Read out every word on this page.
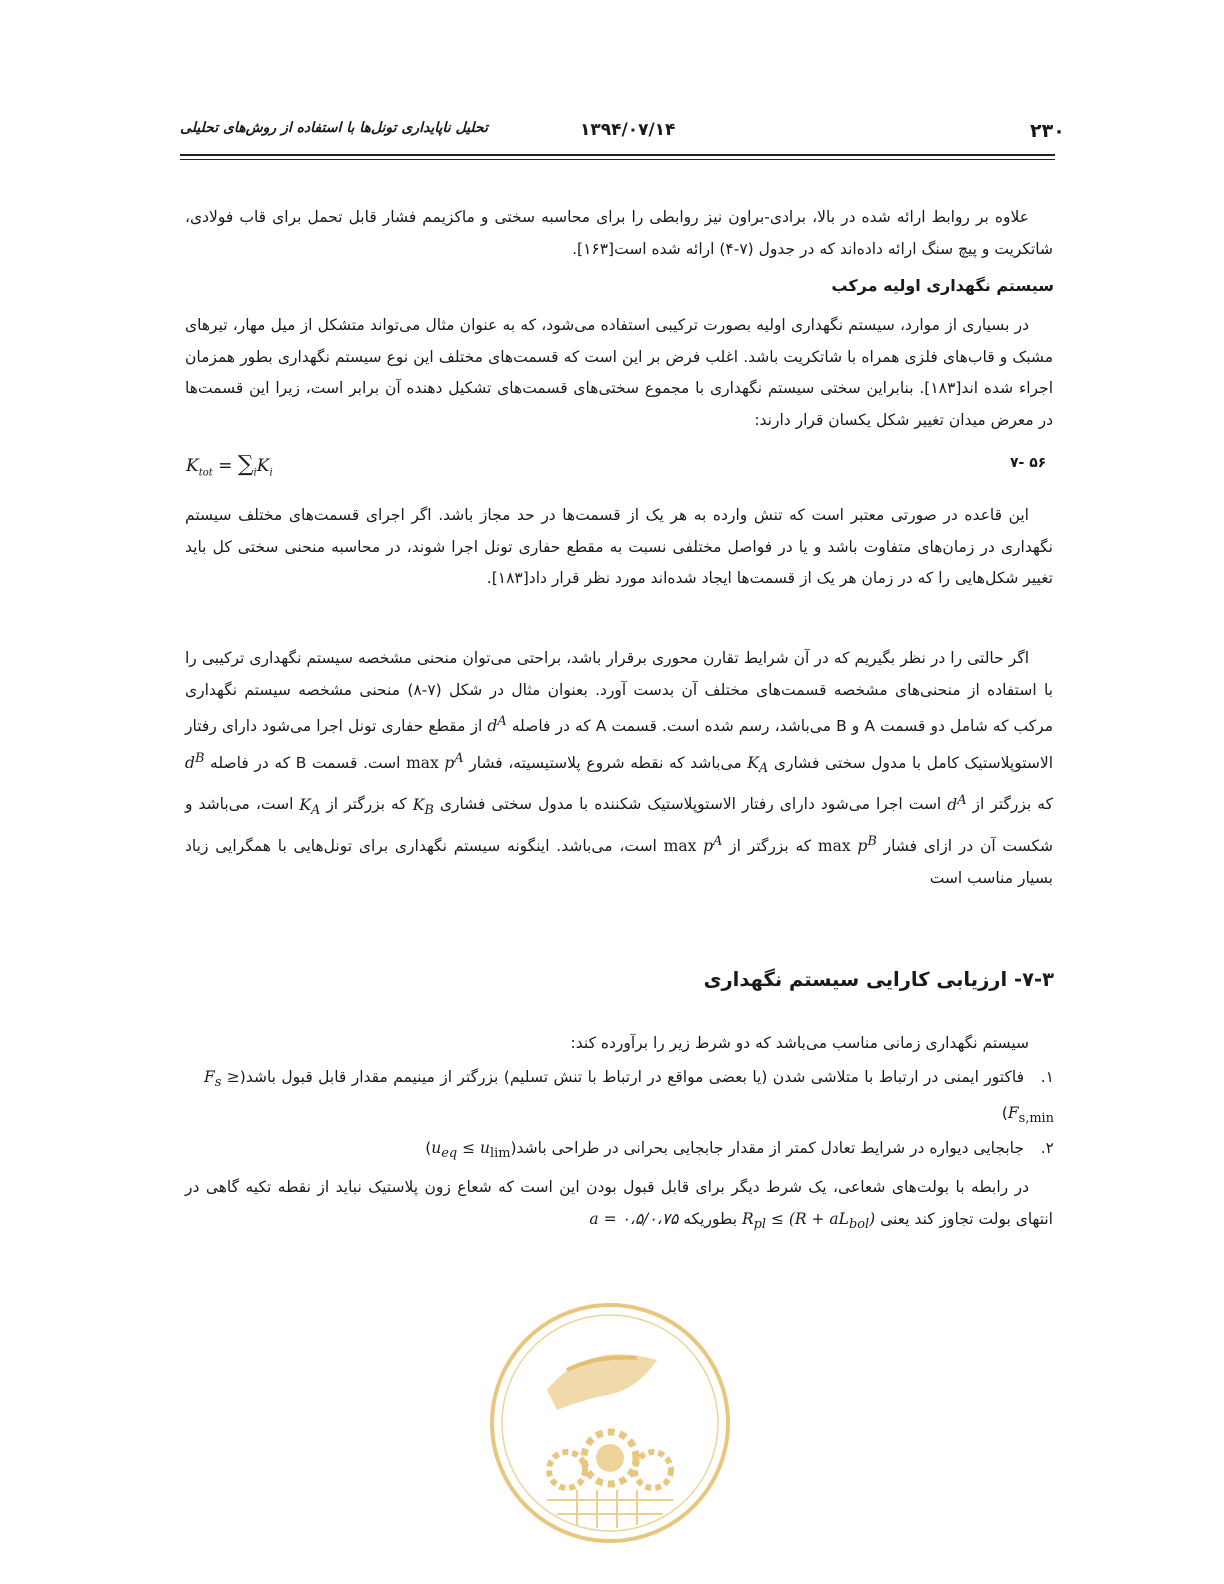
۲۳۰
۱۳۹۴/۰۷/۱۴
تحلیل ناپایداری تونل‌ها با استفاده از روش‌های تحلیلی
علاوه بر روابط ارائه شده در بالا، برادی-براون نیز روابطی را برای محاسبه سختی و ماکزیمم فشار قابل تحمل برای قاب فولادی، شاتکریت و پیچ سنگ ارائه داده‌اند که در جدول (۷-۴) ارائه شده است[۱۶۳].
سیستم نگهداری اولیه مرکب
در بسیاری از موارد، سیستم نگهداری اولیه بصورت ترکیبی استفاده می‌شود، که به عنوان مثال می‌تواند متشکل از میل مهار، تیرهای مشبک و قاب‌های فلزی همراه با شاتکریت باشد. اغلب فرض بر این است که قسمت‌های مختلف این نوع سیستم نگهداری بطور همزمان اجراء شده اند[۱۸۳]. بنابراین سختی سیستم نگهداری با مجموع سختی‌های قسمت‌های تشکیل دهنده آن برابر است، زیرا این قسمت‌ها در معرض میدان تغییر شکل یکسان قرار دارند:
$K_{tot} = \sum_iK_i$
۷- ۵۶
این قاعده در صورتی معتبر است که تنش وارده به هر یک از قسمت‌ها در حد مجاز باشد. اگر اجرای قسمت‌های مختلف سیستم نگهداری در زمان‌های متفاوت باشد و یا در فواصل مختلفی نسبت به مقطع حفاری تونل اجرا شوند، در محاسبه منحنی سختی کل باید تغییر شکل‌هایی را که در زمان هر یک از قسمت‌ها ایجاد شده‌اند مورد نظر قرار داد[۱۸۳].
اگر حالتی را در نظر بگیریم که در آن شرایط تقارن محوری برقرار باشد، براحتی می‌توان منحنی مشخصه سیستم نگهداری ترکیبی را با استفاده از منحنی‌های مشخصه قسمت‌های مختلف آن بدست آورد. بعنوان مثال در شکل (۷-۸) منحنی مشخصه سیستم نگهداری مرکب که شامل دو قسمت A و B می‌باشد، رسم شده است. قسمت A که در فاصله $d^A$ از مقطع حفاری تونل اجرا می‌شود دارای رفتار الاستوپلاستیک کامل با مدول سختی فشاری $K_A$ می‌باشد که نقطه شروع پلاستیسیته، فشار $\max p^A$ است. قسمت B که در فاصله $d^B$ که بزرگتر از $d^A$ است اجرا می‌شود دارای رفتار الاستوپلاستیک شکننده با مدول سختی فشاری $K_B$ که بزرگتر از $K_A$ است، می‌باشد و شکست آن در ازای فشار $\max p^B$ که بزرگتر از $\max p^A$ است، می‌باشد. اینگونه سیستم نگهداری برای تونل‌هایی با همگرایی زیاد بسیار مناسب است
۷-۳- ارزیابی کارایی سیستم نگهداری
سیستم نگهداری زمانی مناسب می‌باشد که دو شرط زیر را برآورده کند:
۱.فاکتور ایمنی در ارتباط با متلاشی شدن (یا بعضی مواقع در ارتباط با تنش تسلیم) بزرگتر از مینیمم مقدار قابل قبول $باشد(F_s \ge F_{s,min})$
۲.جابجایی دیواره در شرایط تعادل کمتر از مقدار جابجایی بحرانی در طراحی $باشد(u_{eq} \le u_{lim})$
در رابطه با بولت‌های شعاعی، یک شرط دیگر برای قابل قبول بودن این است که شعاع زون پلاستیک نباید از نقطه تکیه گاهی در انتهای بولت تجاوز کند یعنی $R_{pl} \le (R + aL_{bol})$ بطوریکه a = ۰،۵/۰،۷۵
